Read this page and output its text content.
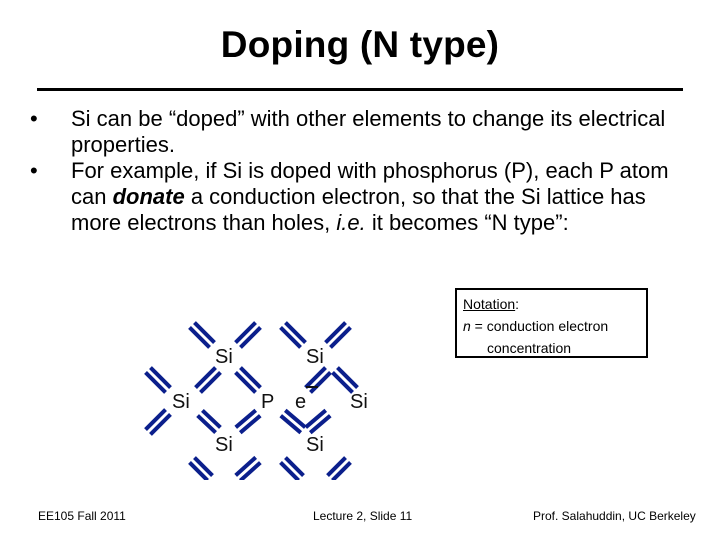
Doping (N type)
•	Si can be “doped” with other elements to change its electrical properties.
•	For example, if Si is doped with phosphorus (P), each P atom can donate a conduction electron, so that the Si lattice has more electrons than holes, i.e. it becomes “N type”:
Notation:
n = conduction electron
concentration
Si	Si
Si	P e Si
Si	Si
EE105 Fall 2011	Lecture 2, Slide 11	Prof. Salahuddin, UC Berkeley
